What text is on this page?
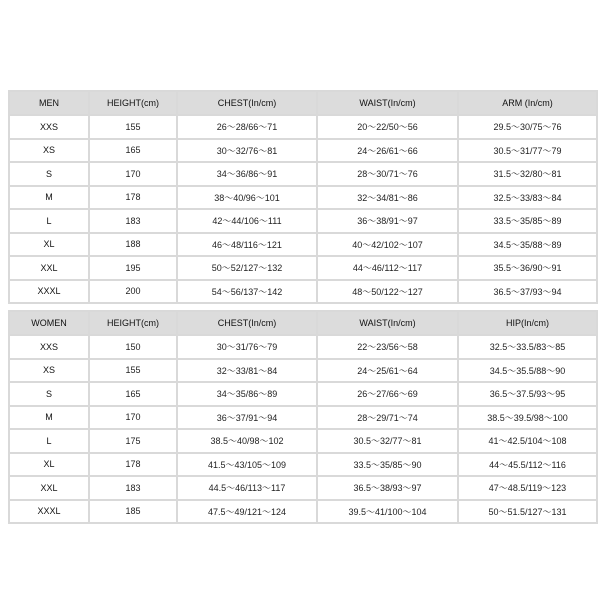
MEN	HEIGHT(cm)	CHEST(In/cm)	WAIST(In/cm)	ARM (In/cm)
XXS	155	26～28/66～71	20～22/50～56	29.5～30/75～76
XS	165	30～32/76～81	24～26/61～66	30.5～31/77～79
S	170	34～36/86～91	28～30/71～76	31.5～32/80～81
M	178	38～40/96～101	32～34/81～86	32.5～33/83～84
L	183	42～44/106～111	36～38/91～97	33.5～35/85～89
XL	188	46～48/116～121	40～42/102～107	34.5～35/88～89
XXL	195	50～52/127～132	44～46/112～117	35.5～36/90～91
XXXL	200	54～56/137～142	48～50/122～127	36.5～37/93～94
WOMEN	HEIGHT(cm)	CHEST(In/cm)	WAIST(In/cm)	HIP(In/cm)
XXS	150	30～31/76～79	22～23/56～58	32.5～33.5/83～85
XS	155	32～33/81～84	24～25/61～64	34.5～35.5/88～90
S	165	34～35/86～89	26～27/66～69	36.5～37.5/93～95
M	170	36～37/91～94	28～29/71～74	38.5～39.5/98～100
L	175	38.5～40/98～102	30.5～32/77～81	41～42.5/104～108
XL	178	41.5～43/105～109	33.5～35/85～90	44～45.5/112～116
XXL	183	44.5～46/113～117	36.5～38/93～97	47～48.5/119～123
XXXL	185	47.5～49/121～124	39.5～41/100～104	50～51.5/127～131
